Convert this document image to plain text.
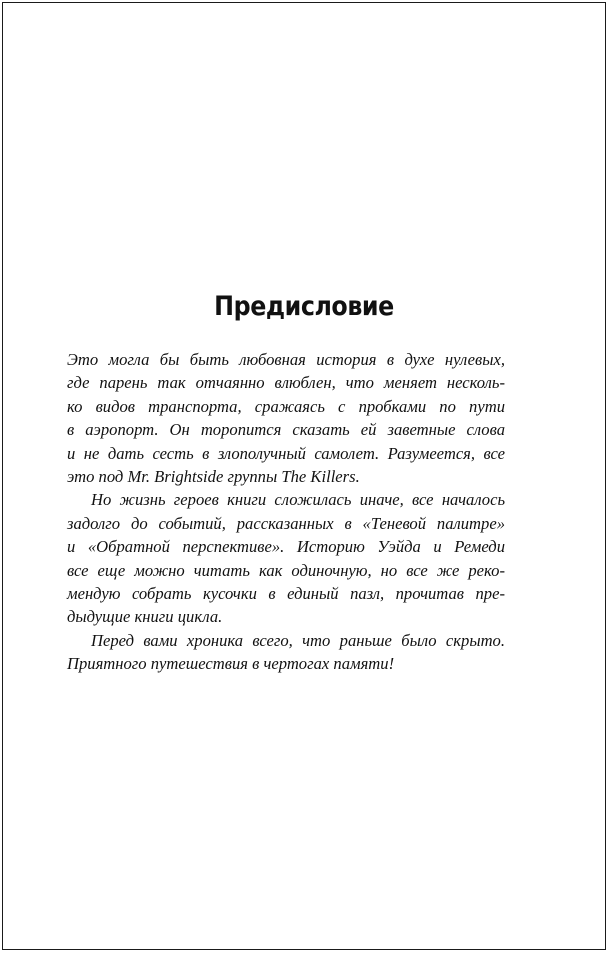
Предисловие

Это могла бы быть любовная история в духе нулевых,
где парень так отчаянно влюблен, что меняет несколь-
ко видов транспорта, сражаясь с пробками по пути
в аэропорт. Он торопится сказать ей заветные слова
и не дать сесть в злополучный самолет. Разумеется, все
это под Mr. Brightside группы The Killers.

Но жизнь героев книги сложилась иначе, все началось
задолго до событий, рассказанных в «Теневой палитре»
и «Обратной перспективе». Историю Уэйда и Ремеди
все еще можно читать как одиночную, но все же реко-
мендую собрать кусочки в единый пазл, прочитав пре-
дыдущие книги цикла.

Перед вами хроника всего, что раньше было скрыто.
Приятного путешествия в чертогах памяти!
